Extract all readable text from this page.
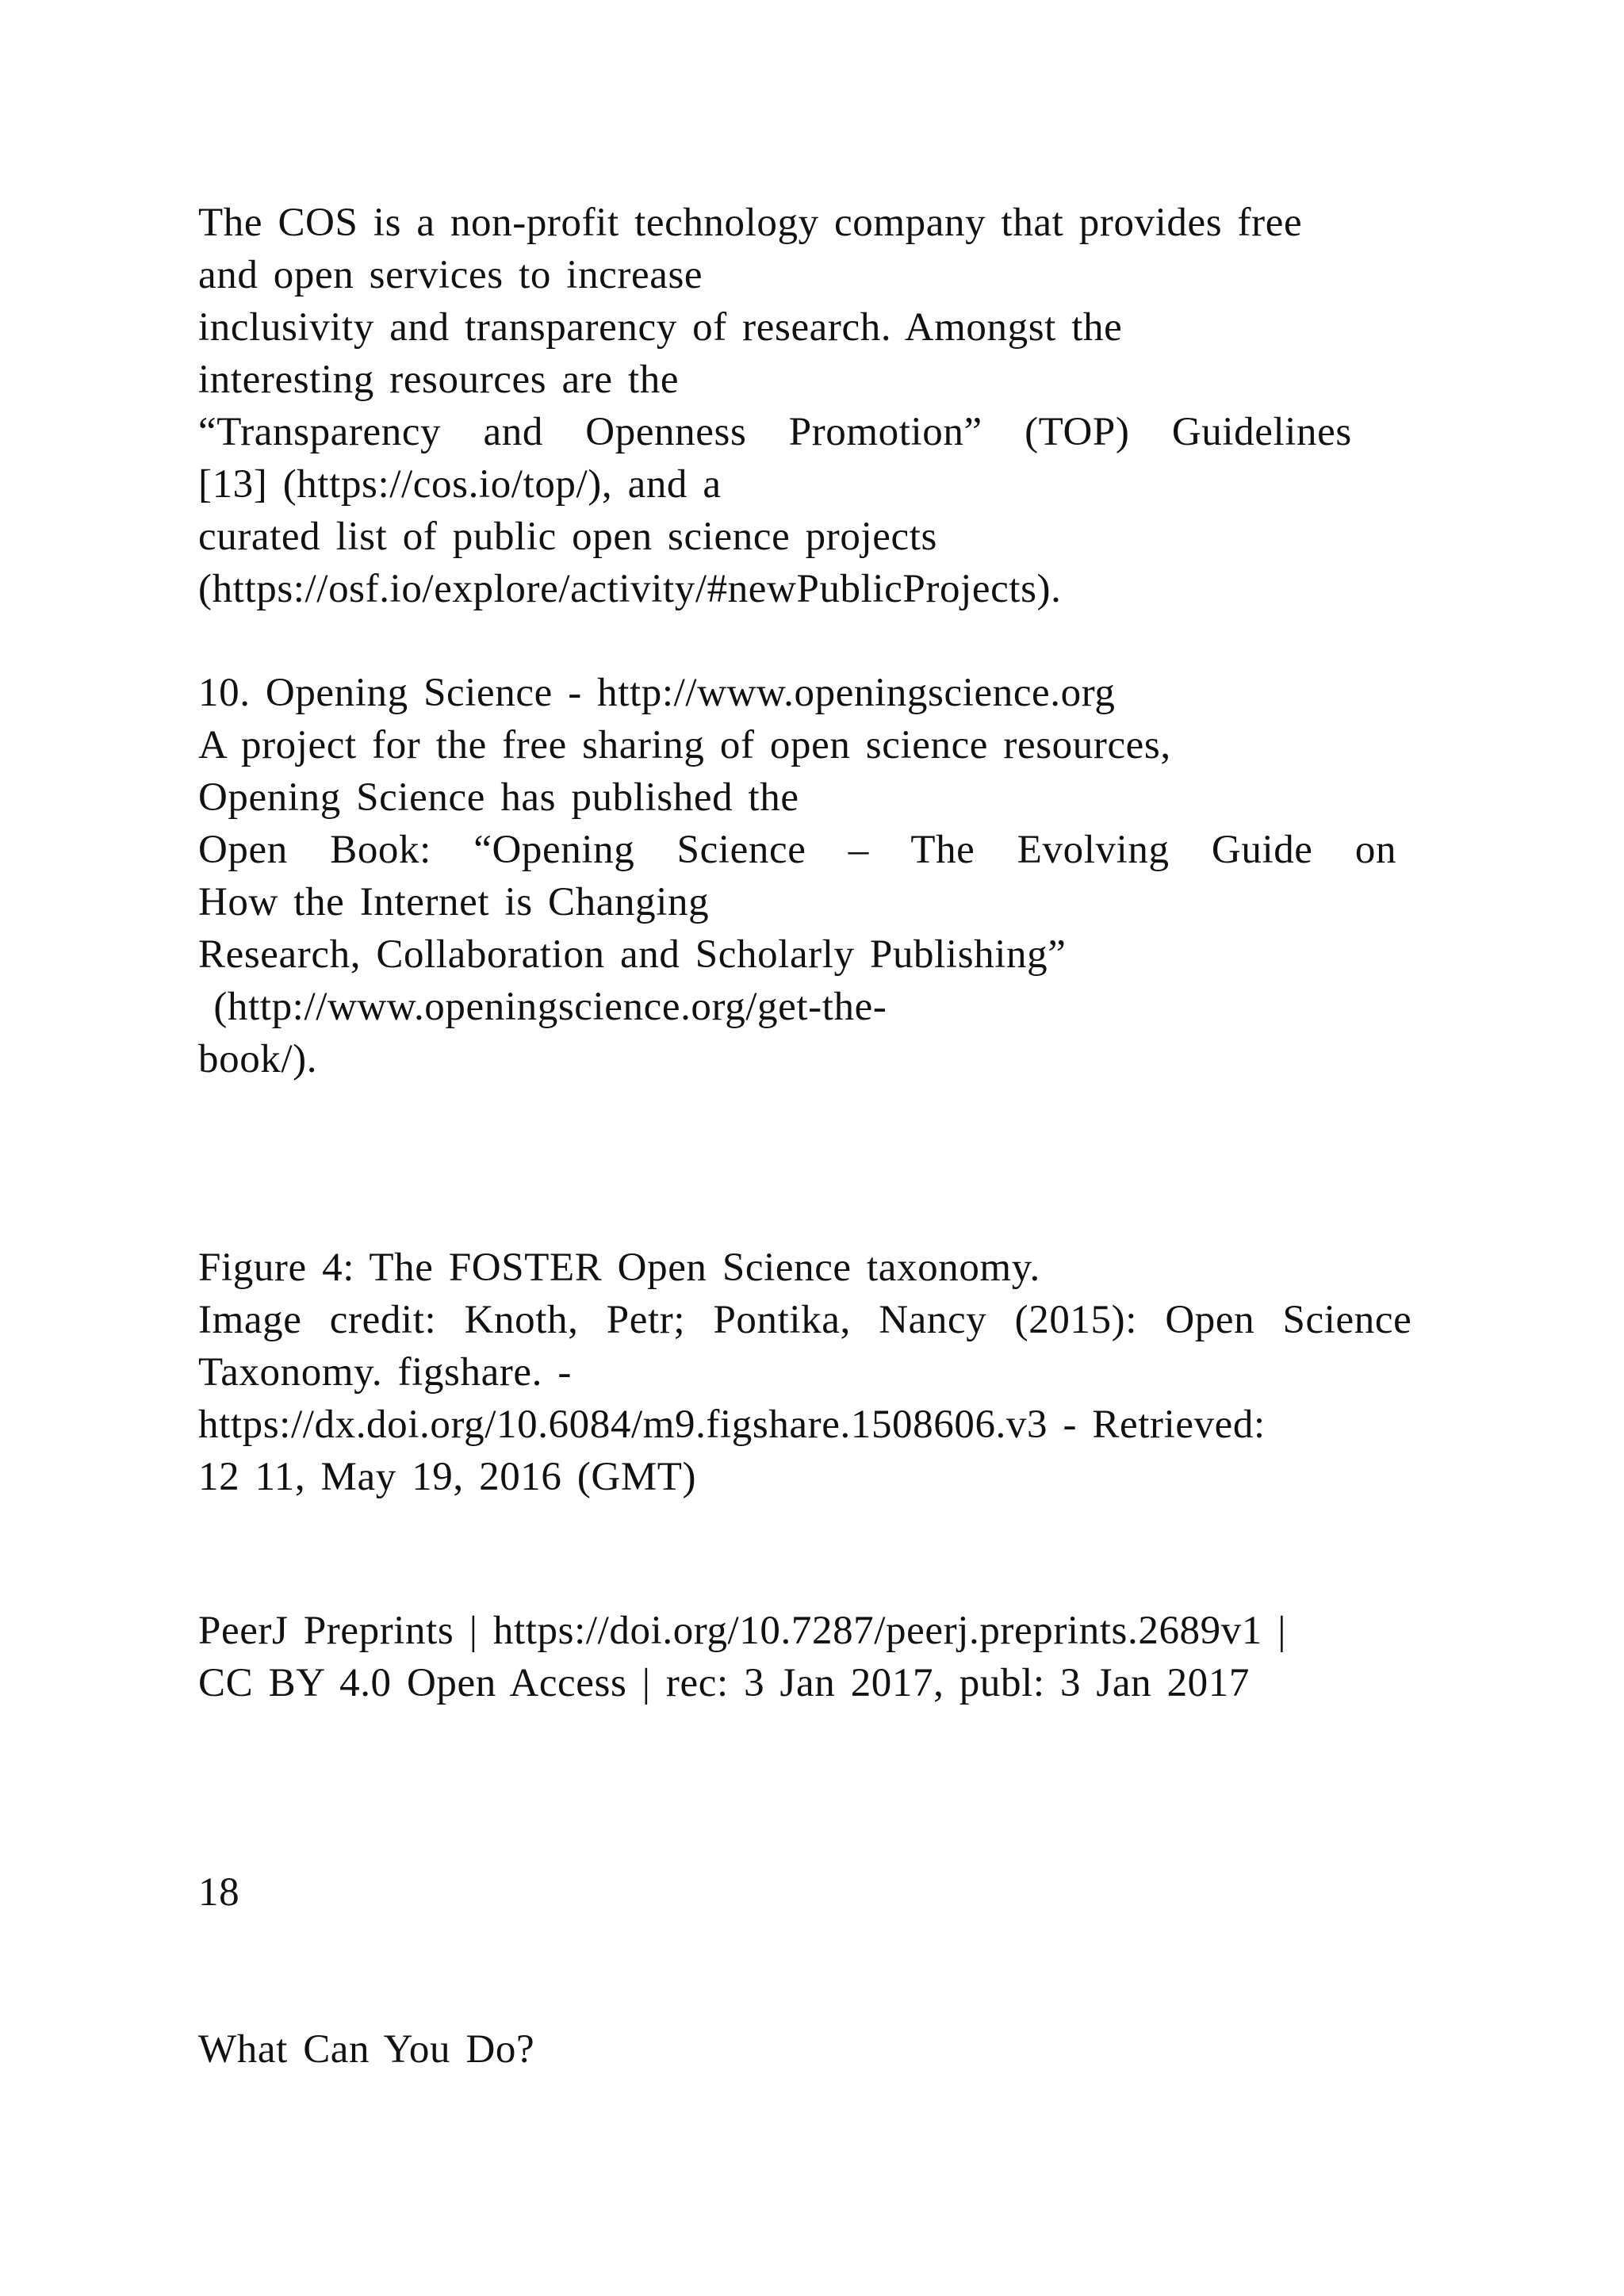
The COS is a non-profit technology company that provides free

and open services to increase

inclusivity and transparency of research. Amongst the

interesting resources are the

“Transparency and Openness Promotion” (TOP) Guidelines

[13] (https://cos.io/top/), and a

curated list of public open science projects

(https://osf.io/explore/activity/#newPublicProjects).

10. Opening Science - http://www.openingscience.org

A project for the free sharing of open science resources,

Opening Science has published the

Open Book: “Opening Science – The Evolving Guide on

How the Internet is Changing

Research, Collaboration and Scholarly Publishing”

(http://www.openingscience.org/get-the-

book/).

Figure 4: The FOSTER Open Science taxonomy.

Image credit: Knoth, Petr; Pontika, Nancy (2015): Open Science

Taxonomy. figshare. -

https://dx.doi.org/10.6084/m9.figshare.1508606.v3 - Retrieved:

12 11, May 19, 2016 (GMT)

PeerJ Preprints | https://doi.org/10.7287/peerj.preprints.2689v1 |

CC BY 4.0 Open Access | rec: 3 Jan 2017, publ: 3 Jan 2017

18

What Can You Do?
